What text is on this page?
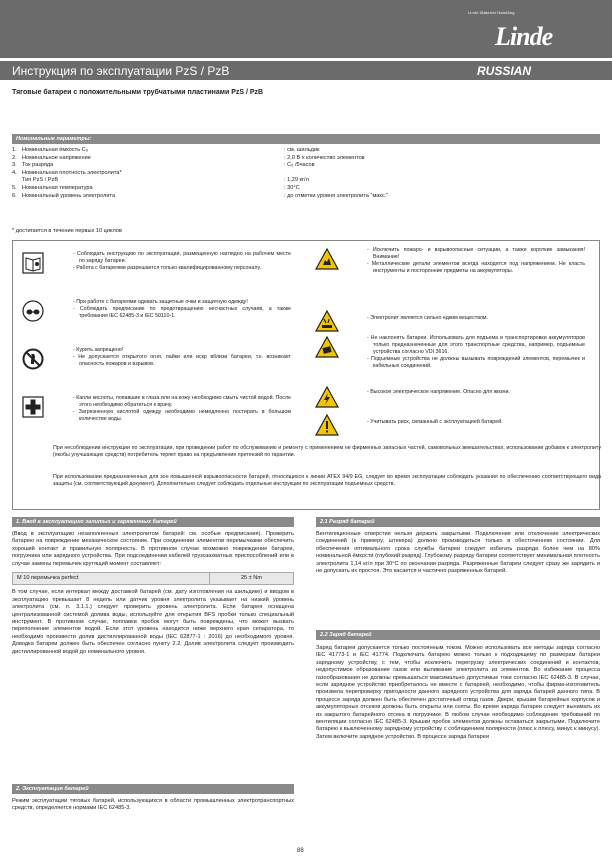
Linde Material Handling
Linde
Инструкция по эксплуатации PzS / PzB	RUSSIAN
Тяговые батареи с положительными трубчатыми пластинами PzS / PzB
Номинальные параметры:
1. Номинальная ёмкость C₅	: см. шильдик
2. Номинальное напряжение	: 2,0 В x количество элементов
3. Ток разряда	: C₅ /5часов
4. Номинальная плотность электролита*
Тип PzS / PzB	: 1,29 кг/л
5. Номинальная температура	: 30°C
6. Номинальный уровень электролита	: до отметки уровня электролита "макс."
* достигается в течение первых 10 циклов

- Соблюдать инструкцию по эксплуатации, размещенную наглядно на рабочем месте по заряду батареи.

- Работа с батареями разрешается только квалифицированному персоналу.

- При работе с батареями одевать защитные очки и защитную одежду!

- Соблюдать предписание по предотвращению несчастных случаев, а также требования IEC 62485-3 и IEC 50110-1.

- Курить запрещено!

- Не допускается открытого огня, пайки или искр вблизи батареи, т.к. возникает опасность пожаров и взрывов.

- Капли кислоты, попавшие в глаза или на кожу необходимо смыть чистой водой. После этого необходимо обратиться к врачу.

- Загрязненную кислотой одежду необходимо немедленно постирать в большом количестве воды.

- Исключить пожаро- и взрывоопасные ситуации, а также короткие замыкания! Внимание!

- Металлические детали элементов всегда находятся под напряжением. Не класть инструменты и посторонние предметы на аккумуляторы.

- Электролит является сильно едким веществом.

- Не наклонять батареи. Использовать для подъема и транспортировки аккумуляторов только предназначенные для этого транспортные средства, например, подъемные устройства согласно VDI 3616.

- Подъемные устройства не должны вызывать повреждений элементов, перемычек и кабельных соединений.

- Высокое электрическое напряжение. Опасно для жизни.

- Учитывать риск, связанный с эксплуатацией батарей.

При несоблюдении инструкции по эксплуатации, при проведении работ по обслуживанию и ремонту с применением не фирменных запасных частей, самовольных вмешательствах, использовании добавок к электролиту (якобы улучшающих средств) потребитель теряет право на предъявление претензий по гарантии.
При использовании предназначенных для зон повышенной взрывоопасности батарей, относящихся к линии ATEX 94/9 EG, следует во время эксплуатации соблюдать указания по обеспечению соответствующего вида защиты (см. соответствующий документ). Дополнительно следует соблюдать отдельные инструкции по эксплуатации подъемных средств.
1. Ввод в эксплуатацию залитых и заряженных батарей

(Ввод в эксплуатацию незаполненных электролитом батарей: см. особые предписания). Проверить батарею на повреждение механическое состояние. При соединении элементов перемычками обеспечить хороший контакт и правильную полярность. В противном случае возможно повреждение батареи, погрузчика или зарядного устройства. При подсоединении кабелей грузозахватных приспособлений или в случае замены перемычек крутящий момент составляет:

M 10 перемычка perfect	25 ± Nm

В том случае, если интервал между доставкой батарей (см. дату изготовления на шильдике) и вводом в эксплуатацию превышает 8 недель или датчик уровня электролита указывает на низкий уровень электролита (см. п. 3.1.1.) следует проверить уровень электролита. Если батарея оснащена централизованной системой долива воды, используйте для открытия BFS пробки только специальный инструмент. В противном случае, поплавки пробок могут быть повреждены, что может вызвать переполнение элементов водой. Если этот уровень находится ниже верхнего края сепаратора, то необходимо произвести долив дистиллированной воды (IEC 62877-1 : 2016) до необходимого уровня. Доводка батареи должен быть обеспечен согласно пункту 2.2. Долив электролита следует производить дистиллированной водой до номинального уровня.

2. Эксплуатация батарей

Режим эксплуатации тяговых батарей, использующихся в области промышленных электротранспортных средств, определяется нормами IEC 62485-3.

2.1 Разряд батарей

Вентиляционные отверстия нельзя держать закрытыми. Подключение или отключение электрических соединений (к примеру, штекера) должно производиться только в обесточенном состоянии. Для обеспечения оптимального срока службы батареи следует избегать разряда более чем на 80% номинальной ёмкости (глубокий разряд). Глубокому разряду батареи соответствует минимальная плотность электролита 1,14 кг/л при 30°C по окончании разряда. Разряженные батареи следует сразу же зарядить и не допускать их простоя. Это касается и частично разряженных батарей.

2.2 Заряд батарей

Заряд батареи допускается только постоянным током. Можно использовать все методы заряда согласно IEC 41773-1 и IEC 41774. Подключать батарею можно только к подходящему по размерам батареи зарядному устройству, с тем, чтобы исключить перегрузку электрических соединений и контактов, недопустимое образование газов или выливание электролита из элементов. Во избежание процесса газообразования не должны превышаться максимально допустимые токи согласно IEC 62485-3. В случае, если зарядное устройство приобреталось не вместе с батареей, необходимо, чтобы фирма-изготовитель произвела перепроверку пригодности данного зарядного устройства для заряда батарей данного типа. В процессе заряда должен быть обеспечен достаточный отвод газов. Двери, крышки батарейных корпусов и аккумуляторных отсеков должны быть открыты или сняты. Во время заряда батареи следует вынимать их из закрытого батарейного отсека в погрузчике. В любом случае необходимо соблюдение требований по вентиляции согласно IEC 62485-3. Крышки пробок элементов должны оставаться закрытыми. Подключите батарею к выключенному зарядному устройству с соблюдением полярности (плюс к плюсу, минус к минусу). Затем включите зарядное устройство. В процессе заряда батареи

88
